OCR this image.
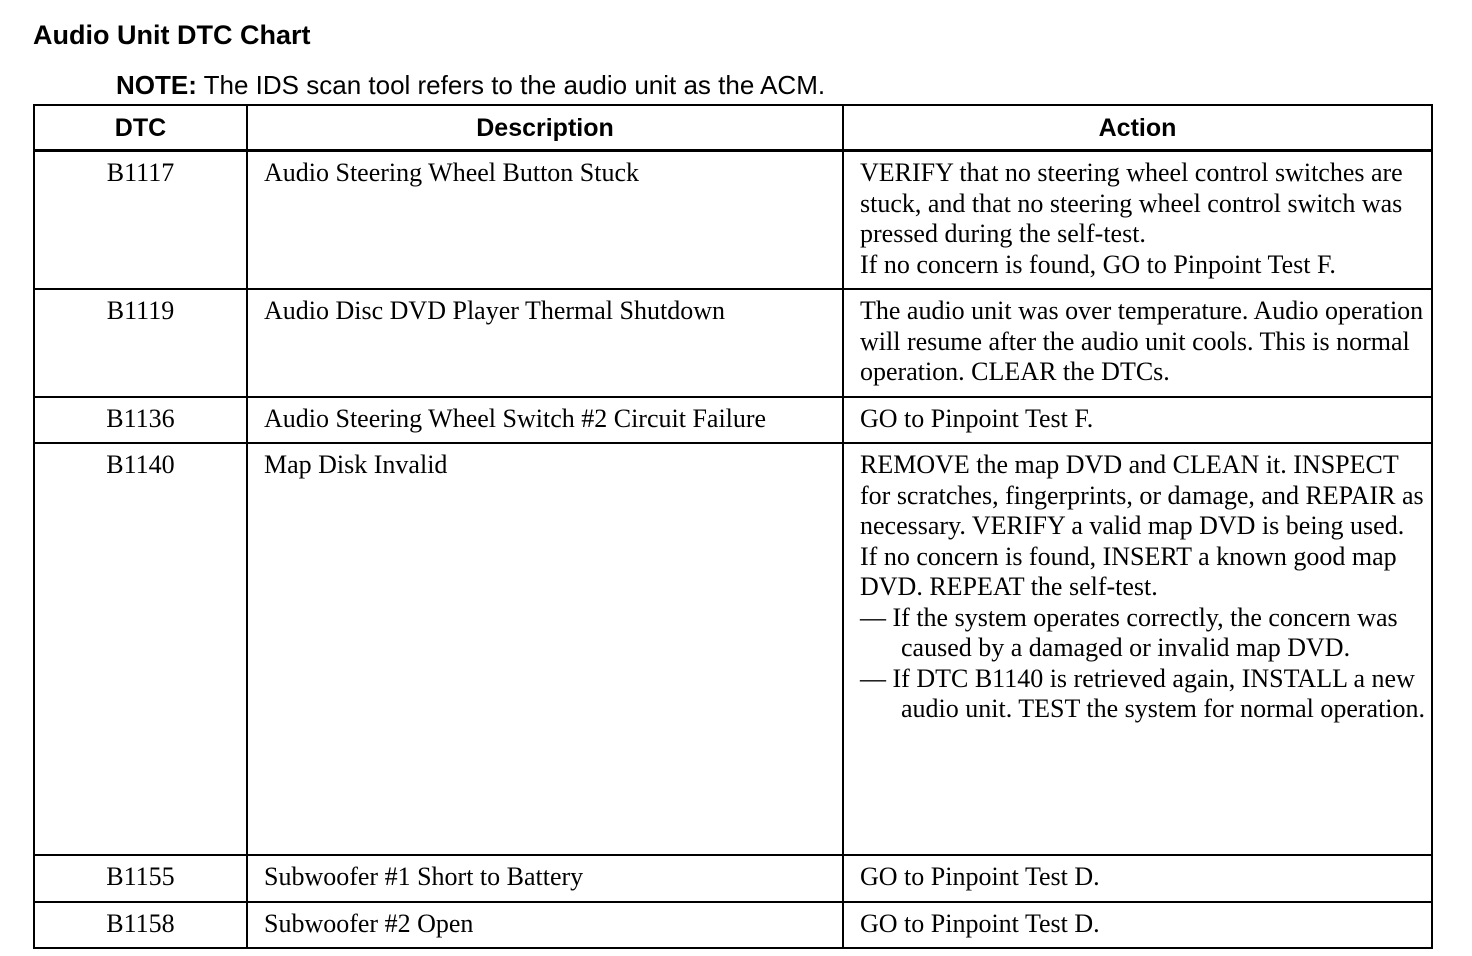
Audio Unit DTC Chart

NOTE: The IDS scan tool refers to the audio unit as the ACM.

DTC	Description	Action
B1117	Audio Steering Wheel Button Stuck	VERIFY that no steering wheel control switches are stuck, and that no steering wheel control switch was pressed during the self-test.
If no concern is found, GO to Pinpoint Test F.

B1119	Audio Disc DVD Player Thermal Shutdown	The audio unit was over temperature. Audio operation will resume after the audio unit cools. This is normal operation. CLEAR the DTCs.

B1136	Audio Steering Wheel Switch #2 Circuit Failure	GO to Pinpoint Test F.

B1140	Map Disk Invalid	REMOVE the map DVD and CLEAN it. INSPECT for scratches, fingerprints, or damage, and REPAIR as necessary. VERIFY a valid map DVD is being used. If no concern is found, INSERT a known good map DVD. REPEAT the self-test.
— If the system operates correctly, the concern was caused by a damaged or invalid map DVD.
— If DTC B1140 is retrieved again, INSTALL a new audio unit. TEST the system for normal operation.

B1155	Subwoofer #1 Short to Battery	GO to Pinpoint Test D.

B1158	Subwoofer #2 Open	GO to Pinpoint Test D.
